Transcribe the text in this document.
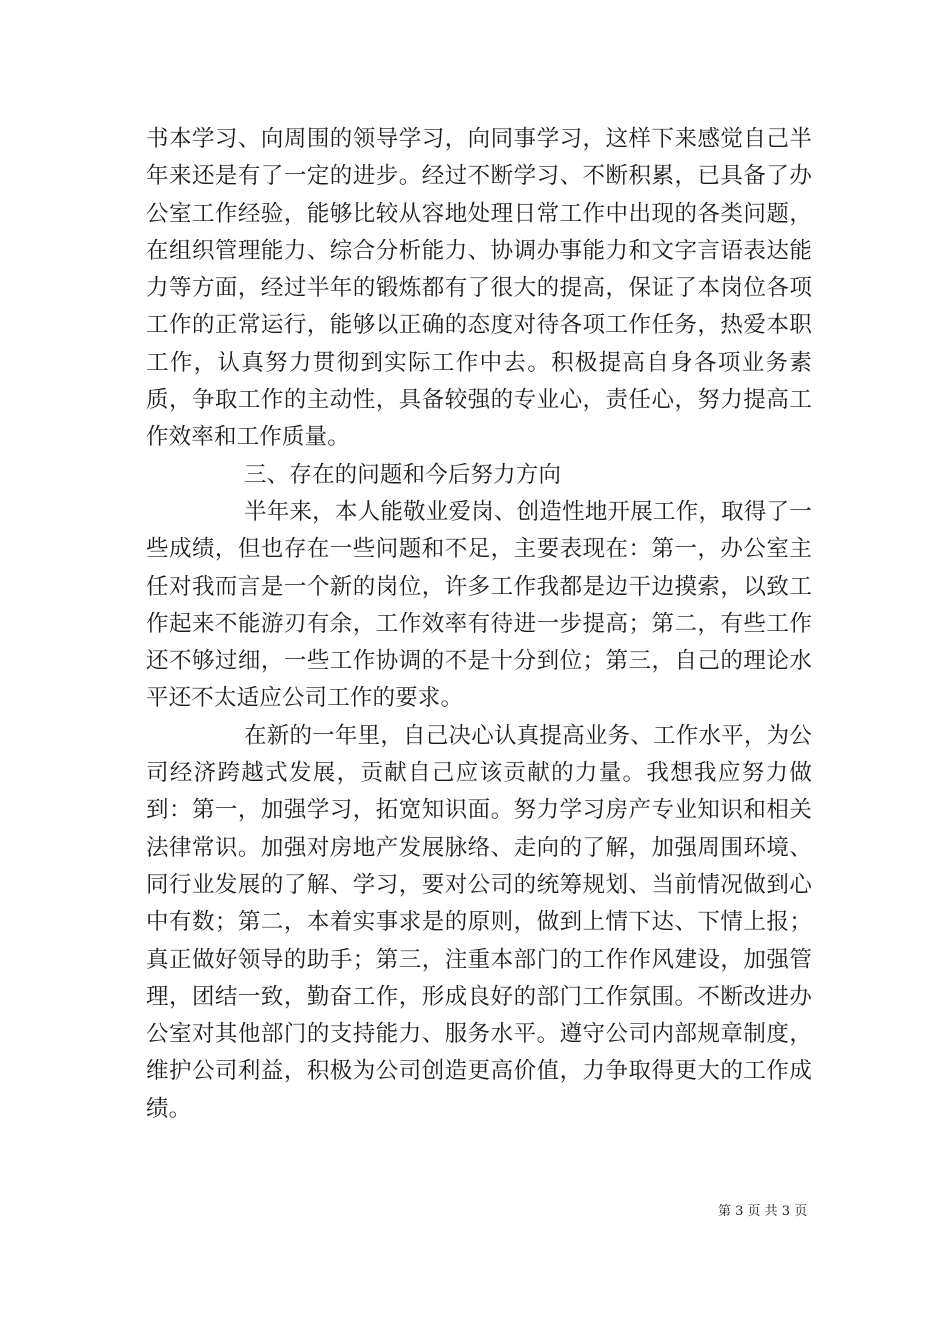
书本学习、向周围的领导学习，向同事学习，这样下来感觉自己半年来还是有了一定的进步。经过不断学习、不断积累，已具备了办公室工作经验，能够比较从容地处理日常工作中出现的各类问题，在组织管理能力、综合分析能力、协调办事能力和文字言语表达能力等方面，经过半年的锻炼都有了很大的提高，保证了本岗位各项工作的正常运行，能够以正确的态度对待各项工作任务，热爱本职工作，认真努力贯彻到实际工作中去。积极提高自身各项业务素质，争取工作的主动性，具备较强的专业心，责任心，努力提高工作效率和工作质量。

三、存在的问题和今后努力方向

半年来，本人能敬业爱岗、创造性地开展工作，取得了一些成绩，但也存在一些问题和不足，主要表现在：第一，办公室主任对我而言是一个新的岗位，许多工作我都是边干边摸索，以致工作起来不能游刃有余，工作效率有待进一步提高；第二，有些工作还不够过细，一些工作协调的不是十分到位；第三，自己的理论水平还不太适应公司工作的要求。

在新的一年里，自己决心认真提高业务、工作水平，为公司经济跨越式发展，贡献自己应该贡献的力量。我想我应努力做到：第一，加强学习，拓宽知识面。努力学习房产专业知识和相关法律常识。加强对房地产发展脉络、走向的了解，加强周围环境、同行业发展的了解、学习，要对公司的统筹规划、当前情况做到心中有数；第二，本着实事求是的原则，做到上情下达、下情上报；真正做好领导的助手；第三，注重本部门的工作作风建设，加强管理，团结一致，勤奋工作，形成良好的部门工作氛围。不断改进办公室对其他部门的支持能力、服务水平。遵守公司内部规章制度，维护公司利益，积极为公司创造更高价值，力争取得更大的工作成绩。

第 3 页 共 3 页
